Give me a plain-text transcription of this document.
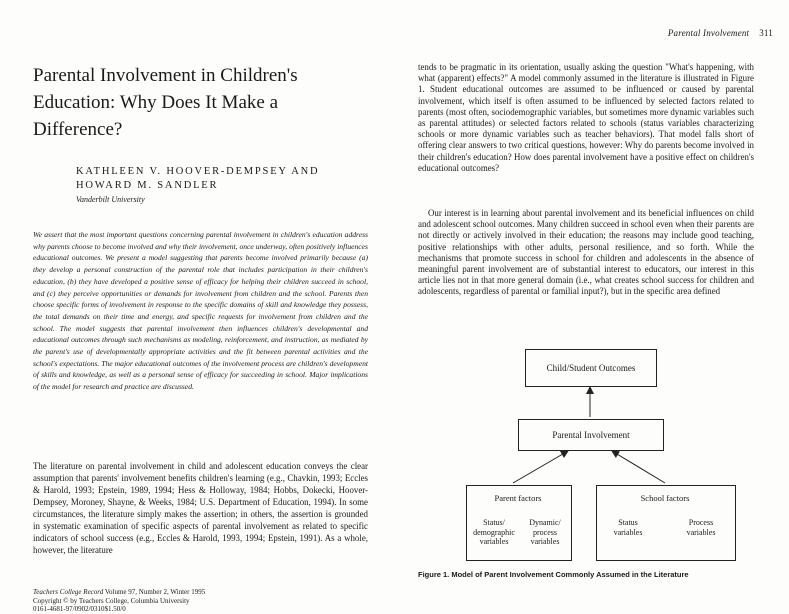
Parental Involvement 311
Parental Involvement in Children's Education: Why Does It Make a Difference?
KATHLEEN V. HOOVER-DEMPSEY AND
HOWARD M. SANDLER
Vanderbilt University

We assert that the most important questions concerning parental involvement in children's education address why parents choose to become involved and why their involvement, once underway, often positively influences educational outcomes. We present a model suggesting that parents become involved primarily because (a) they develop a personal construction of the parental role that includes participation in their children's education, (b) they have developed a positive sense of efficacy for helping their children succeed in school, and (c) they perceive opportunities or demands for involvement from children and the school. Parents then choose specific forms of involvement in response to the specific domains of skill and knowledge they possess, the total demands on their time and energy, and specific requests for involvement from children and the school. The model suggests that parental involvement then influences children's developmental and educational outcomes through such mechanisms as modeling, reinforcement, and instruction, as mediated by the parent's use of developmentally appropriate activities and the fit between parental activities and the school's expectations. The major educational outcomes of the involvement process are children's development of skills and knowledge, as well as a personal sense of efficacy for succeeding in school. Major implications of the model for research and practice are discussed.

The literature on parental involvement in child and adolescent education conveys the clear assumption that parents' involvement benefits children's learning (e.g., Chavkin, 1993; Eccles & Harold, 1993; Epstein, 1989, 1994; Hess & Holloway, 1984; Hobbs, Dokecki, Hoover-Dempsey, Moroney, Shayne, & Weeks, 1984; U.S. Department of Education, 1994). In some circumstances, the literature simply makes the assertion; in others, the assertion is grounded in systematic examination of specific aspects of parental involvement as related to specific indicators of school success (e.g., Eccles & Harold, 1993, 1994; Epstein, 1991). As a whole, however, the literature

Teachers College Record Volume 97, Number 2, Winter 1995
Copyright © by Teachers College, Columbia University
0161-4681-97/0902/0310$1.50/0

tends to be pragmatic in its orientation, usually asking the question "What's happening, with what (apparent) effects?" A model commonly assumed in the literature is illustrated in Figure 1. Student educational outcomes are assumed to be influenced or caused by parental involvement, which itself is often assumed to be influenced by selected factors related to parents (most often, sociodemographic variables, but sometimes more dynamic variables such as parental attitudes) or selected factors related to schools (status variables characterizing schools or more dynamic variables such as teacher behaviors). That model falls short of offering clear answers to two critical questions, however: Why do parents become involved in their children's education? How does parental involvement have a positive effect on children's educational outcomes?

Our interest is in learning about parental involvement and its beneficial influences on child and adolescent school outcomes. Many children succeed in school even when their parents are not directly or actively involved in their education; the reasons may include good teaching, positive relationships with other adults, personal resilience, and so forth. While the mechanisms that promote success in school for children and adolescents in the absence of meaningful parent involvement are of substantial interest to educators, our interest in this article lies not in that more general domain (i.e., what creates school success for children and adolescents, regardless of parental or familial input?), but in the specific area defined

Child/Student Outcomes
Parental Involvement
Parent factors
Status/
demographic
variables
Dynamic/
process
variables
School factors
Status
variables
Process
variables
Figure 1. Model of Parent Involvement Commonly Assumed in the Literature
